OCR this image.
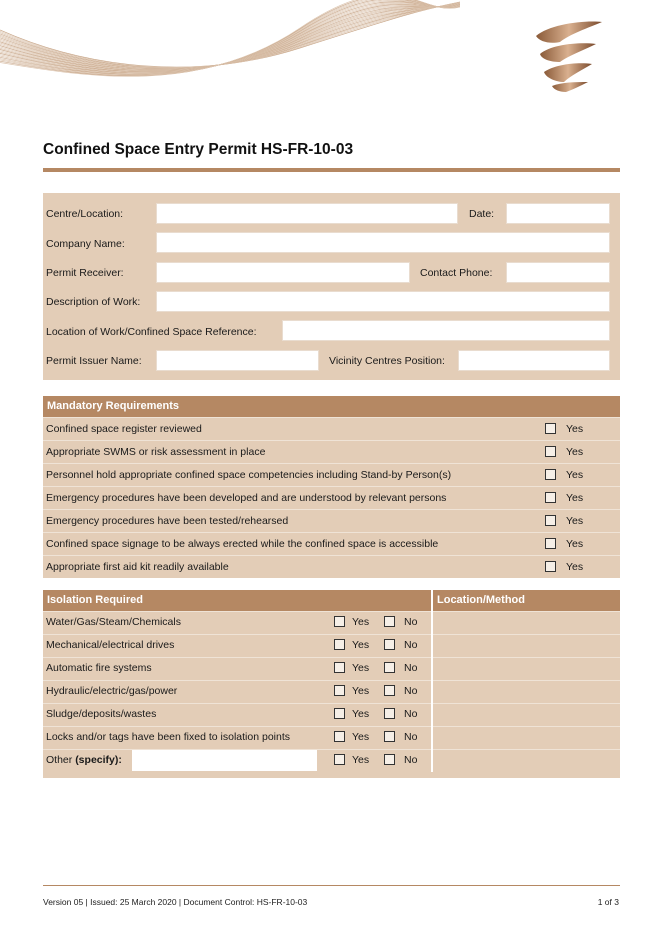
Confined Space Entry Permit HS-FR-10-03
Centre/Location:	Date:
Company Name:
Permit Receiver:	Contact Phone:
Description of Work:
Location of Work/Confined Space Reference:
Permit Issuer Name:	Vicinity Centres Position:
Mandatory Requirements
Confined space register reviewed	Yes
Appropriate SWMS or risk assessment in place	Yes
Personnel hold appropriate confined space competencies including Stand-by Person(s)	Yes
Emergency procedures have been developed and are understood by relevant persons	Yes
Emergency procedures have been tested/rehearsed	Yes
Confined space signage to be always erected while the confined space is accessible	Yes
Appropriate first aid kit readily available	Yes
Isolation Required	Location/Method
Water/Gas/Steam/Chemicals	Yes	No
Mechanical/electrical drives	Yes	No
Automatic fire systems	Yes	No
Hydraulic/electric/gas/power	Yes	No
Sludge/deposits/wastes	Yes	No
Locks and/or tags have been fixed to isolation points	Yes	No
Other (specify):	Yes	No
Version 05 | Issued: 25 March 2020 | Document Control: HS-FR-10-03	1 of 3
